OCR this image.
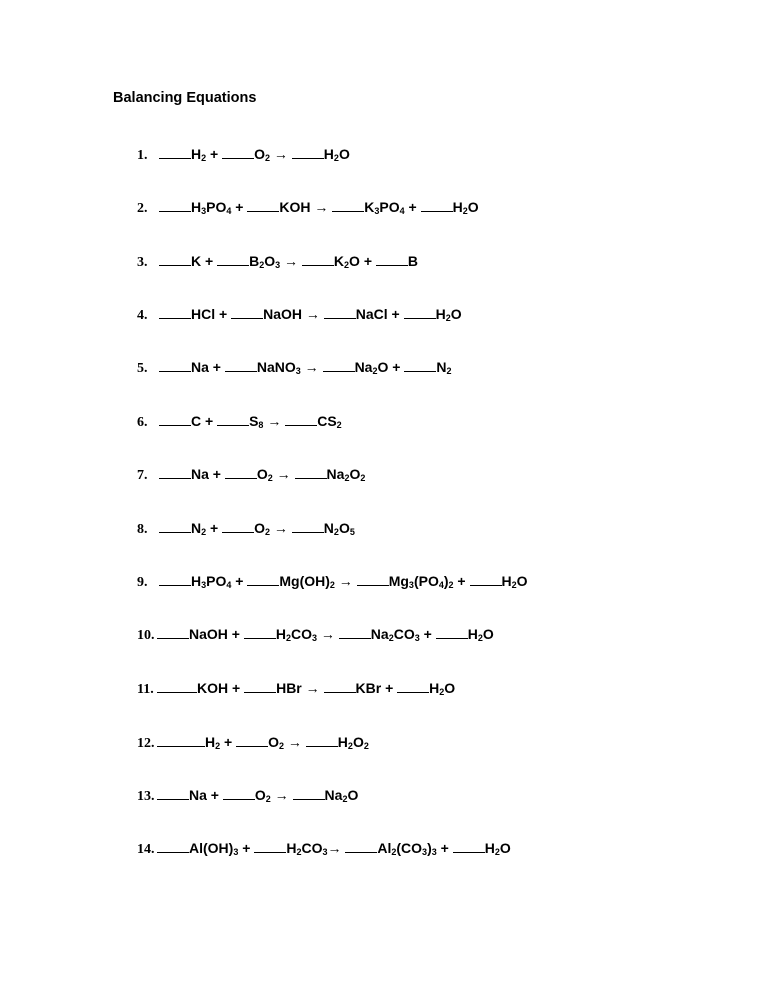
Balancing Equations
1.	$H_2 + O_2 \to H_2O$
2.	$H_3PO_4$ + KOH → $K_3PO_4 + H_2O$
3.	$K + B_2O_3 \to K_2O + B$
4.	HCl + NaOH → NaCl + $H_2O$
5.	Na + NaNO$_3$ → $Na_2O + N_2$
6.	$C + S_8 \to CS_2$
7.	$Na + O_2 \to Na_2O_2$
8.	$N_2 + O_2 \to N_2O_5$
9.	$H_3PO_4 + Mg(OH)_2 \to Mg_3(PO_4)_2 + H_2O$
10. NaOH + $H_2CO_3 \to Na_2CO_3 + H_2O$
11.	KOH + HBr → KBr + $H_2O$
12.	$H_2 + O_2 \to H_2O_2$
13. $Na + O_2 \to Na_2O$
14. $Al(OH)_3 + H_2CO_3\to Al_2(CO_3)_3 + H_2O$
